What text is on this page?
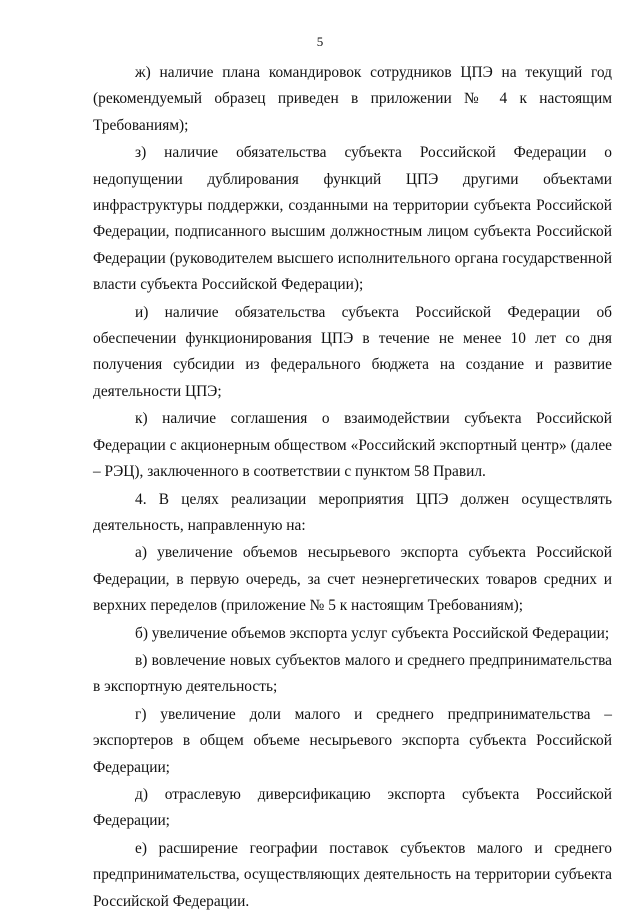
5

ж) наличие плана командировок сотрудников ЦПЭ на текущий год (рекомендуемый образец приведен в приложении № 4 к настоящим Требованиям);

з) наличие обязательства субъекта Российской Федерации о недопущении дублирования функций ЦПЭ другими объектами инфраструктуры поддержки, созданными на территории субъекта Российской Федерации, подписанного высшим должностным лицом субъекта Российской Федерации (руководителем высшего исполнительного органа государственной власти субъекта Российской Федерации);

и) наличие обязательства субъекта Российской Федерации об обеспечении функционирования ЦПЭ в течение не менее 10 лет со дня получения субсидии из федерального бюджета на создание и развитие деятельности ЦПЭ;

к) наличие соглашения о взаимодействии субъекта Российской Федерации с акционерным обществом «Российский экспортный центр» (далее – РЭЦ), заключенного в соответствии с пунктом 58 Правил.

4. В целях реализации мероприятия ЦПЭ должен осуществлять деятельность, направленную на:

а) увеличение объемов несырьевого экспорта субъекта Российской Федерации, в первую очередь, за счет неэнергетических товаров средних и верхних переделов (приложение № 5 к настоящим Требованиям);

б) увеличение объемов экспорта услуг субъекта Российской Федерации;

в) вовлечение новых субъектов малого и среднего предпринимательства в экспортную деятельность;

г) увеличение доли малого и среднего предпринимательства – экспортеров в общем объеме несырьевого экспорта субъекта Российской Федерации;

д) отраслевую диверсификацию экспорта субъекта Российской Федерации;

е) расширение географии поставок субъектов малого и среднего предпринимательства, осуществляющих деятельность на территории субъекта Российской Федерации.
